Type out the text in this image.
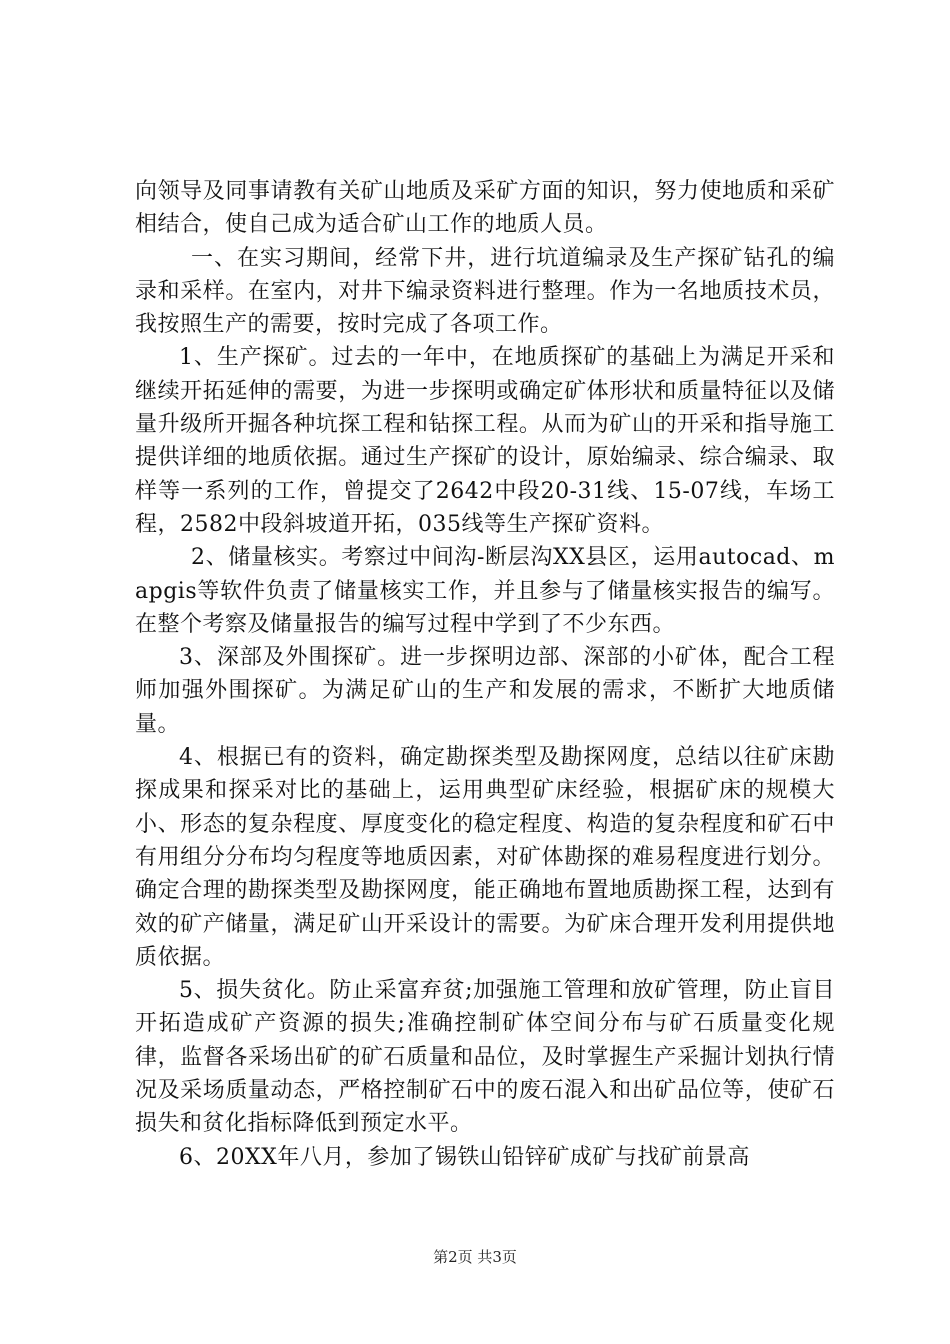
向领导及同事请教有关矿山地质及采矿方面的知识，努力使地质和采矿相结合，使自己成为适合矿山工作的地质人员。

一、在实习期间，经常下井，进行坑道编录及生产探矿钻孔的编录和采样。在室内，对井下编录资料进行整理。作为一名地质技术员，我按照生产的需要，按时完成了各项工作。

1、生产探矿。过去的一年中，在地质探矿的基础上为满足开采和继续开拓延伸的需要，为进一步探明或确定矿体形状和质量特征以及储量升级所开掘各种坑探工程和钻探工程。从而为矿山的开采和指导施工提供详细的地质依据。通过生产探矿的设计，原始编录、综合编录、取样等一系列的工作，曾提交了2642中段20-31线、15-07线，车场工程，2582中段斜坡道开拓，035线等生产探矿资料。

2、储量核实。考察过中间沟-断层沟XX县区，运用autocad、mapgis等软件负责了储量核实工作，并且参与了储量核实报告的编写。在整个考察及储量报告的编写过程中学到了不少东西。

3、深部及外围探矿。进一步探明边部、深部的小矿体，配合工程师加强外围探矿。为满足矿山的生产和发展的需求，不断扩大地质储量。

4、根据已有的资料，确定勘探类型及勘探网度，总结以往矿床勘探成果和探采对比的基础上，运用典型矿床经验，根据矿床的规模大小、形态的复杂程度、厚度变化的稳定程度、构造的复杂程度和矿石中有用组分分布均匀程度等地质因素，对矿体勘探的难易程度进行划分。确定合理的勘探类型及勘探网度，能正确地布置地质勘探工程，达到有效的矿产储量，满足矿山开采设计的需要。为矿床合理开发利用提供地质依据。

5、损失贫化。防止采富弃贫;加强施工管理和放矿管理，防止盲目开拓造成矿产资源的损失;准确控制矿体空间分布与矿石质量变化规律，监督各采场出矿的矿石质量和品位，及时掌握生产采掘计划执行情况及采场质量动态，严格控制矿石中的废石混入和出矿品位等，使矿石损失和贫化指标降低到预定水平。

6、20XX年八月，参加了锡铁山铅锌矿成矿与找矿前景高

第2页 共3页
